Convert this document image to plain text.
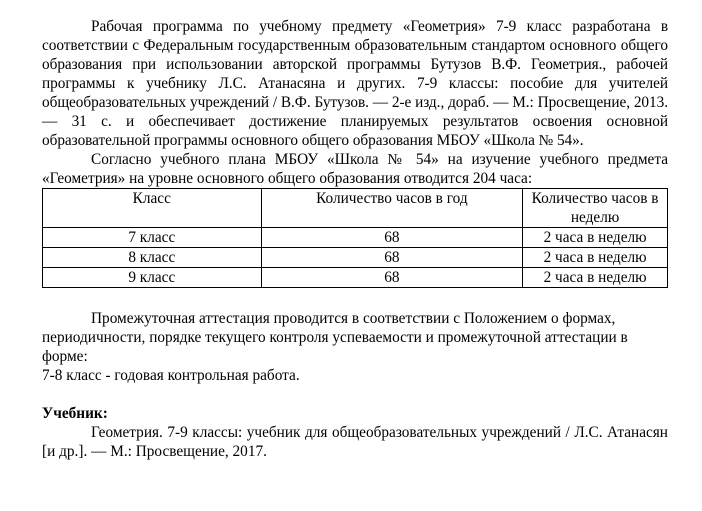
Рабочая программа по учебному предмету «Геометрия» 7-9 класс разработана в соответствии с Федеральным государственным образовательным стандартом основного общего образования при использовании авторской программы Бутузов В.Ф. Геометрия., рабочей программы к учебнику Л.С. Атанасяна и других. 7-9 классы: пособие для учителей общеобразовательных учреждений / В.Ф. Бутузов. — 2-е изд., дораб. — М.: Просвещение, 2013. — 31 с. и обеспечивает достижение планируемых результатов освоения основной образовательной программы основного общего образования МБОУ «Школа № 54».

Согласно учебного плана МБОУ «Школа № 54» на изучение учебного предмета «Геометрия» на уровне основного общего образования отводится 204 часа:

Класс	Количество часов в год	Количество часов в неделю
7 класс	68	2 часа в неделю
8 класс	68	2 часа в неделю
9 класс	68	2 часа в неделю

Промежуточная аттестация проводится в соответствии с Положением о формах, периодичности, порядке текущего контроля успеваемости и промежуточной аттестации в форме:

7-8 класс - годовая контрольная работа.

Учебник:

Геометрия. 7-9 классы: учебник для общеобразовательных учреждений / Л.С. Атанасян [и др.]. — М.: Просвещение, 2017.
